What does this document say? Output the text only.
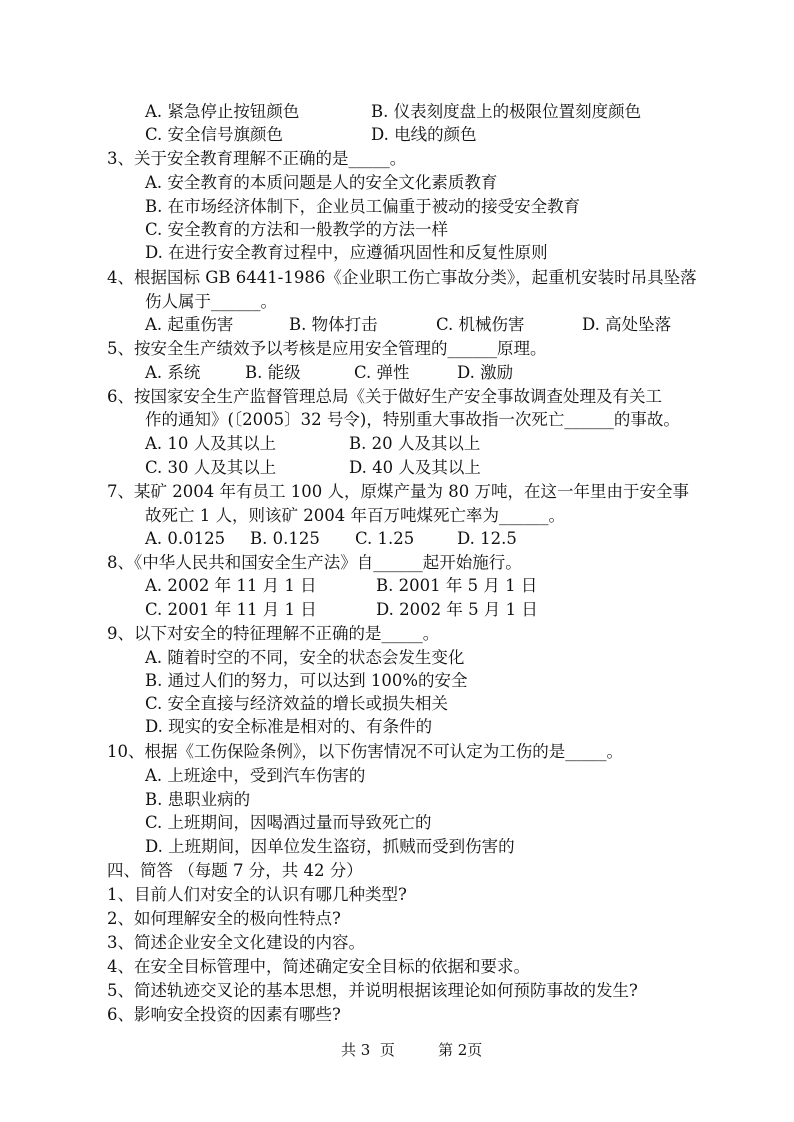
A. 紧急停止按钮颜色

	B. 仪表刻度盘上的极限位置刻度颜色

C. 安全信号旗颜色

	D. 电线的颜色

3、关于安全教育理解不正确的是_____。
A. 安全教育的本质问题是人的安全文化素质教育
B. 在市场经济体制下，企业员工偏重于被动的接受安全教育
C. 安全教育的方法和一般教学的方法一样
D. 在进行安全教育过程中，应遵循巩固性和反复性原则
4、根据国标 GB 6441-1986《企业职工伤亡事故分类》，起重机安装时吊具坠落
伤人属于______。

A. 起重伤害

	B. 物体打击

	C. 机械伤害

	D. 高处坠落

5、按安全生产绩效予以考核是应用安全管理的______原理。

A. 系统

	B. 能级

	C. 弹性

	D. 激励

6、按国家安全生产监督管理总局《关于做好生产安全事故调查处理及有关工
作的通知》(〔2005〕32 号令)，特别重大事故指一次死亡______的事故。

A. 10 人及其以上

	B. 20 人及其以上

C. 30 人及其以上

	D. 40 人及其以上

7、某矿 2004 年有员工 100 人，原煤产量为 80 万吨，在这一年里由于安全事
故死亡 1 人，则该矿 2004 年百万吨煤死亡率为______。

A. 0.0125

B. 0.125

C. 1.25

	D. 12.5

8、《中华人民共和国安全生产法》自______起开始施行。

A. 2002 年 11 月 1 日

	B. 2001 年 5 月 1 日

C. 2001 年 11 月 1 日

	D. 2002 年 5 月 1 日

9、以下对安全的特征理解不正确的是_____。
A. 随着时空的不同，安全的状态会发生变化
B. 通过人们的努力，可以达到 100%的安全
C. 安全直接与经济效益的增长或损失相关
D. 现实的安全标准是相对的、有条件的
10、根据《工伤保险条例》，以下伤害情况不可认定为工伤的是_____。
A. 上班途中，受到汽车伤害的
B. 患职业病的
C. 上班期间，因喝酒过量而导致死亡的
D. 上班期间，因单位发生盗窃，抓贼而受到伤害的
四、简答 （每题 7 分，共 42 分）
1、目前人们对安全的认识有哪几种类型?
2、如何理解安全的极向性特点?
3、简述企业安全文化建设的内容。
4、在安全目标管理中，简述确定安全目标的依据和要求。
5、简述轨迹交叉论的基本思想，并说明根据该理论如何预防事故的发生?
6、影响安全投资的因素有哪些?
共 3  页	第 2页
